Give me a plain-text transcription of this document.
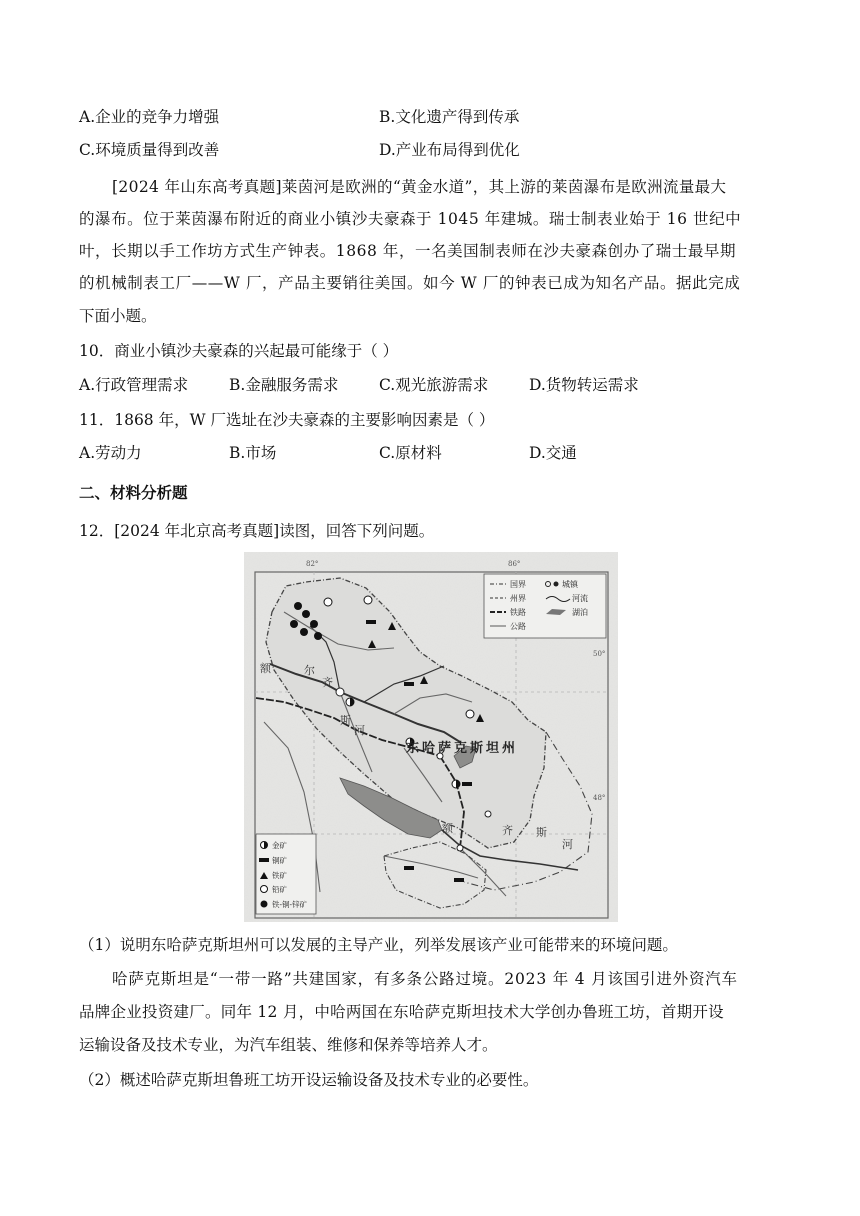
A.企业的竞争力增强	B.文化遗产得到传承
C.环境质量得到改善	D.产业布局得到优化
[2024 年山东高考真题]莱茵河是欧洲的“黄金水道”，其上游的莱茵瀑布是欧洲流量最大
的瀑布。位于莱茵瀑布附近的商业小镇沙夫豪森于 1045 年建城。瑞士制表业始于 16 世纪中
叶，长期以手工作坊方式生产钟表。1868 年，一名美国制表师在沙夫豪森创办了瑞士最早期
的机械制表工厂——W 厂，产品主要销往美国。如今 W 厂的钟表已成为知名产品。据此完成
下面小题。
10．商业小镇沙夫豪森的兴起最可能缘于（ ）
A.行政管理需求	B.金融服务需求	C.观光旅游需求	D.货物转运需求
11．1868 年，W 厂选址在沙夫豪森的主要影响因素是（ ）
A.劳动力	B.市场	C.原材料	D.交通
二、材料分析题
12．[2024 年北京高考真题]读图，回答下列问题。
82°	86°
50°
48°
东哈萨克斯坦州
额	尔
齐
斯
河
额	齐 斯
河
国界	城镇
州界	河流
铁路	湖泊
公路
金矿
铜矿
铁矿
铅矿
铁-铜-锌矿
（1）说明东哈萨克斯坦州可以发展的主导产业，列举发展该产业可能带来的环境问题。
哈萨克斯坦是“一带一路”共建国家，有多条公路过境。2023 年 4 月该国引进外资汽车
品牌企业投资建厂。同年 12 月，中哈两国在东哈萨克斯坦技术大学创办鲁班工坊，首期开设
运输设备及技术专业，为汽车组装、维修和保养等培养人才。
（2）概述哈萨克斯坦鲁班工坊开设运输设备及技术专业的必要性。
